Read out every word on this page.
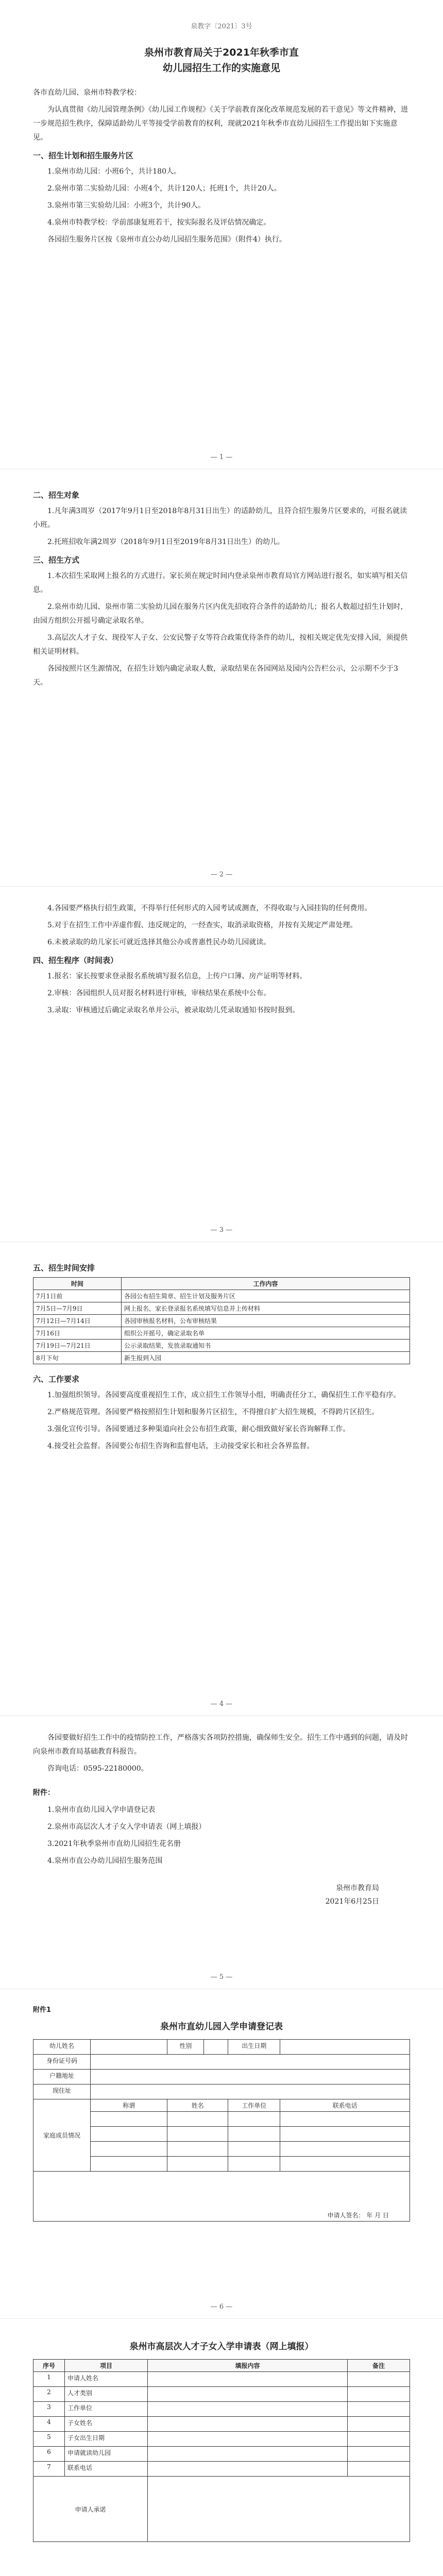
泉教字〔2021〕3号
泉州市教育局关于2021年秋季市直
幼儿园招生工作的实施意见

各市直幼儿园、泉州市特教学校：

为认真贯彻《幼儿园管理条例》《幼儿园工作规程》《关于学前教育深化改革规范发展的若干意见》等文件精神，进一步规范招生秩序，保障适龄幼儿平等接受学前教育的权利，现就2021年秋季市直幼儿园招生工作提出如下实施意见。

一、招生计划和招生服务片区

1.泉州市幼儿园：小班6个，共计180人。

2.泉州市第二实验幼儿园：小班4个，共计120人；托班1个，共计20人。

3.泉州市第三实验幼儿园：小班3个，共计90人。

4.泉州市特教学校：学前部康复班若干，按实际报名及评估情况确定。

各园招生服务片区按《泉州市直公办幼儿园招生服务范围》（附件4）执行。

— 1 —
二、招生对象

1.凡年满3周岁（2017年9月1日至2018年8月31日出生）的适龄幼儿，且符合招生服务片区要求的，可报名就读小班。

2.托班招收年满2周岁（2018年9月1日至2019年8月31日出生）的幼儿。

三、招生方式

1.本次招生采取网上报名的方式进行。家长须在规定时间内登录泉州市教育局官方网站进行报名，如实填写相关信息。

2.泉州市幼儿园、泉州市第二实验幼儿园在服务片区内优先招收符合条件的适龄幼儿；报名人数超过招生计划时，由园方组织公开摇号确定录取名单。

3.高层次人才子女、现役军人子女、公安民警子女等符合政策优待条件的幼儿，按相关规定优先安排入园，须提供相关证明材料。

各园按照片区生源情况，在招生计划内确定录取人数，录取结果在各园网站及园内公告栏公示，公示期不少于3天。

— 2 —

4.各园要严格执行招生政策，不得举行任何形式的入园考试或测查，不得收取与入园挂钩的任何费用。

5.对于在招生工作中弄虚作假、违反规定的，一经查实，取消录取资格，并按有关规定严肃处理。

6.未被录取的幼儿家长可就近选择其他公办或普惠性民办幼儿园就读。

四、招生程序（时间表）

1.报名：家长按要求登录报名系统填写报名信息，上传户口簿、房产证明等材料。

2.审核：各园组织人员对报名材料进行审核，审核结果在系统中公布。

3.录取：审核通过后确定录取名单并公示，被录取幼儿凭录取通知书按时报到。

— 3 —
五、招生时间安排
时间	工作内容
7月1日前	各园公布招生简章、招生计划及服务片区
7月5日—7月9日	网上报名，家长登录报名系统填写信息并上传材料
7月12日—7月14日	各园审核报名材料，公布审核结果
7月16日	组织公开摇号，确定录取名单
7月19日—7月21日	公示录取结果，发放录取通知书
8月下旬	新生报到入园
六、工作要求

1.加强组织领导。各园要高度重视招生工作，成立招生工作领导小组，明确责任分工，确保招生工作平稳有序。

2.严格规范管理。各园要严格按照招生计划和服务片区招生，不得擅自扩大招生规模，不得跨片区招生。

3.强化宣传引导。各园要通过多种渠道向社会公布招生政策，耐心细致做好家长咨询解释工作。

4.接受社会监督。各园要公布招生咨询和监督电话，主动接受家长和社会各界监督。

— 4 —

各园要做好招生工作中的疫情防控工作，严格落实各项防控措施，确保师生安全。招生工作中遇到的问题，请及时向泉州市教育局基础教育科报告。

咨询电话：0595-22180000。

附件：

1.泉州市直幼儿园入学申请登记表

2.泉州市高层次人才子女入学申请表（网上填报）

3.2021年秋季泉州市直幼儿园招生花名册

4.泉州市直公办幼儿园招生服务范围

泉州市教育局
2021年6月25日
— 5 —
附件1
泉州市直幼儿园入学申请登记表
幼儿姓名		性别		出生日期	
身份证号码					
户籍地址					
现住址					
家庭成员情况	称谓	姓名		工作单位	联系电话

申请人签名： 年 月 日					
— 6 —
泉州市高层次人才子女入学申请表（网上填报）
序号	项目	填报内容	备注
1	申请人姓名		
2	人才类别		
3	工作单位		
4	子女姓名		
5	子女出生日期		
6	申请就读幼儿园		
7	联系电话		
申请人承诺			
